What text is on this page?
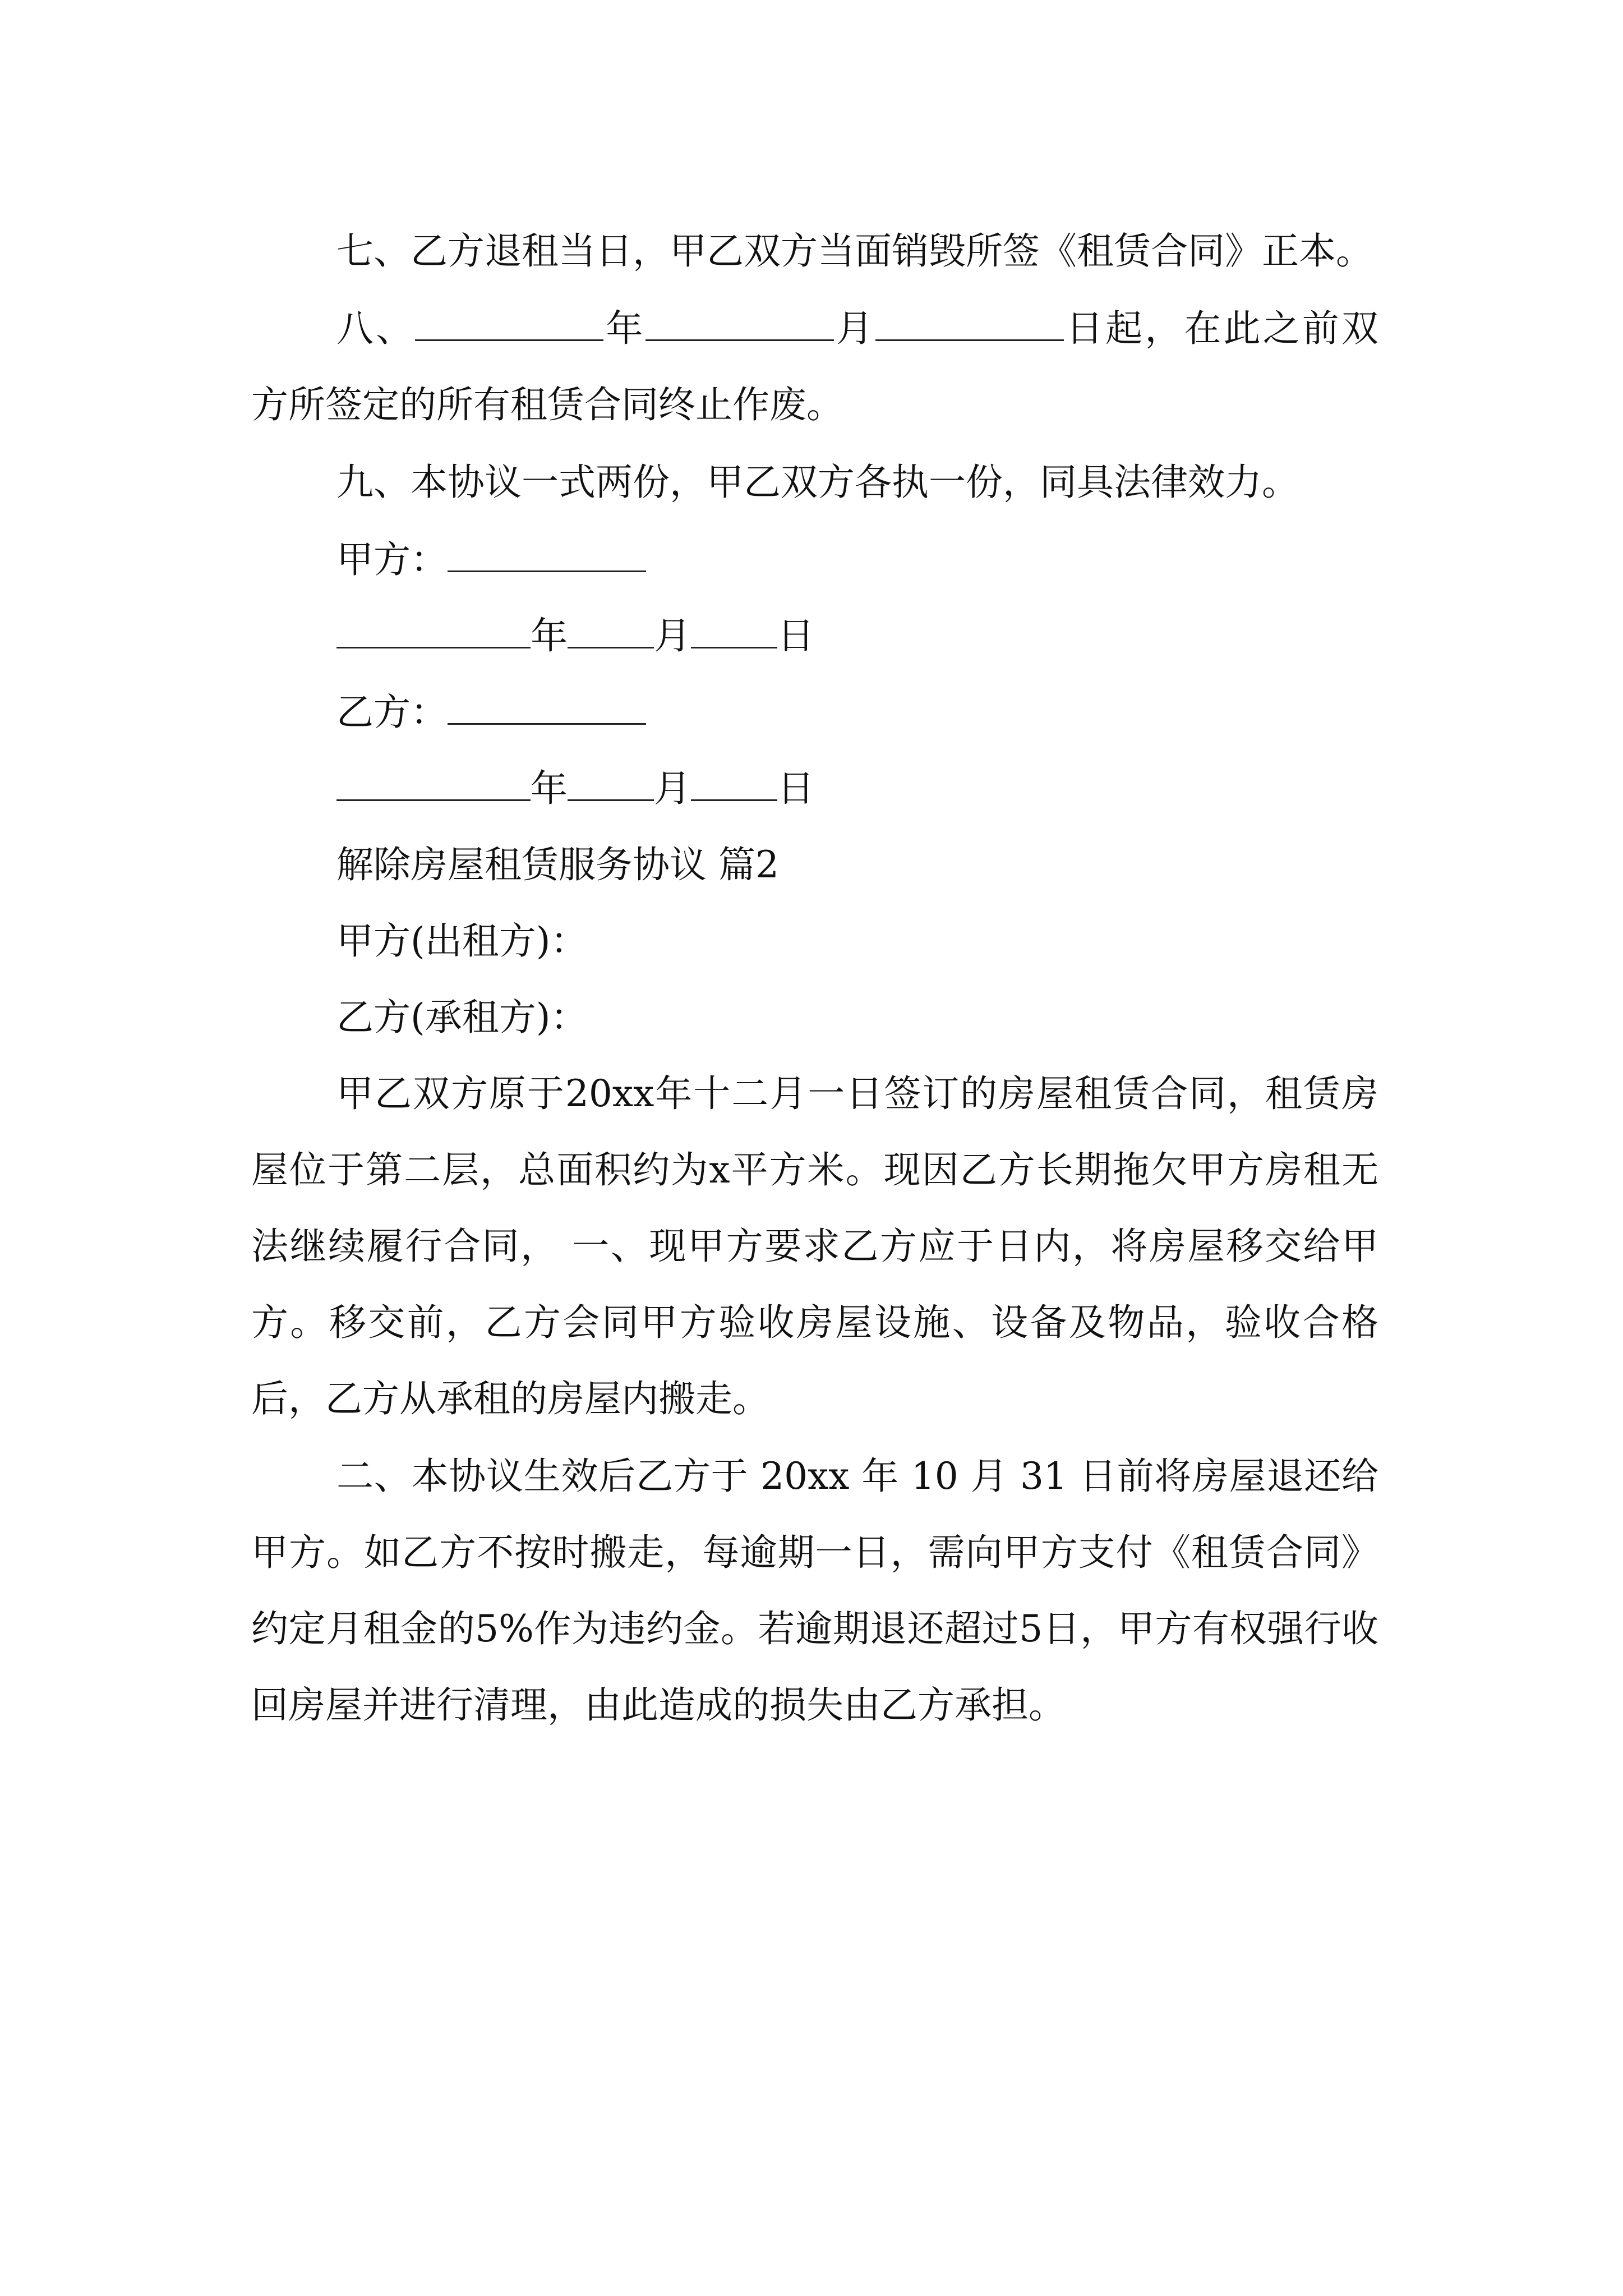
七、乙方退租当日，甲乙双方当面销毁所签《租赁合同》正本。

八、	年	月	日起，在此之前双方所签定的所有租赁合同终止作废。

九、本协议一式两份，甲乙双方各执一份，同具法律效力。

甲方：
年 月 日
乙方：
年 月 日
解除房屋租赁服务协议 篇2
甲方(出租方)：
乙方(承租方)：

甲乙双方原于20xx年十二月一日签订的房屋租赁合同，租赁房屋位于第二层，总面积约为x平方米。现因乙方长期拖欠甲方房租无法继续履行合同， 一、现甲方要求乙方应于日内，将房屋移交给甲方。移交前，乙方会同甲方验收房屋设施、设备及物品，验收合格后，乙方从承租的房屋内搬走。

二、本协议生效后乙方于 20xx 年 10 月 31 日前将房屋退还给甲方。如乙方不按时搬走，每逾期一日，需向甲方支付《租赁合同》约定月租金的5%作为违约金。若逾期退还超过5日，甲方有权强行收回房屋并进行清理，由此造成的损失由乙方承担。
